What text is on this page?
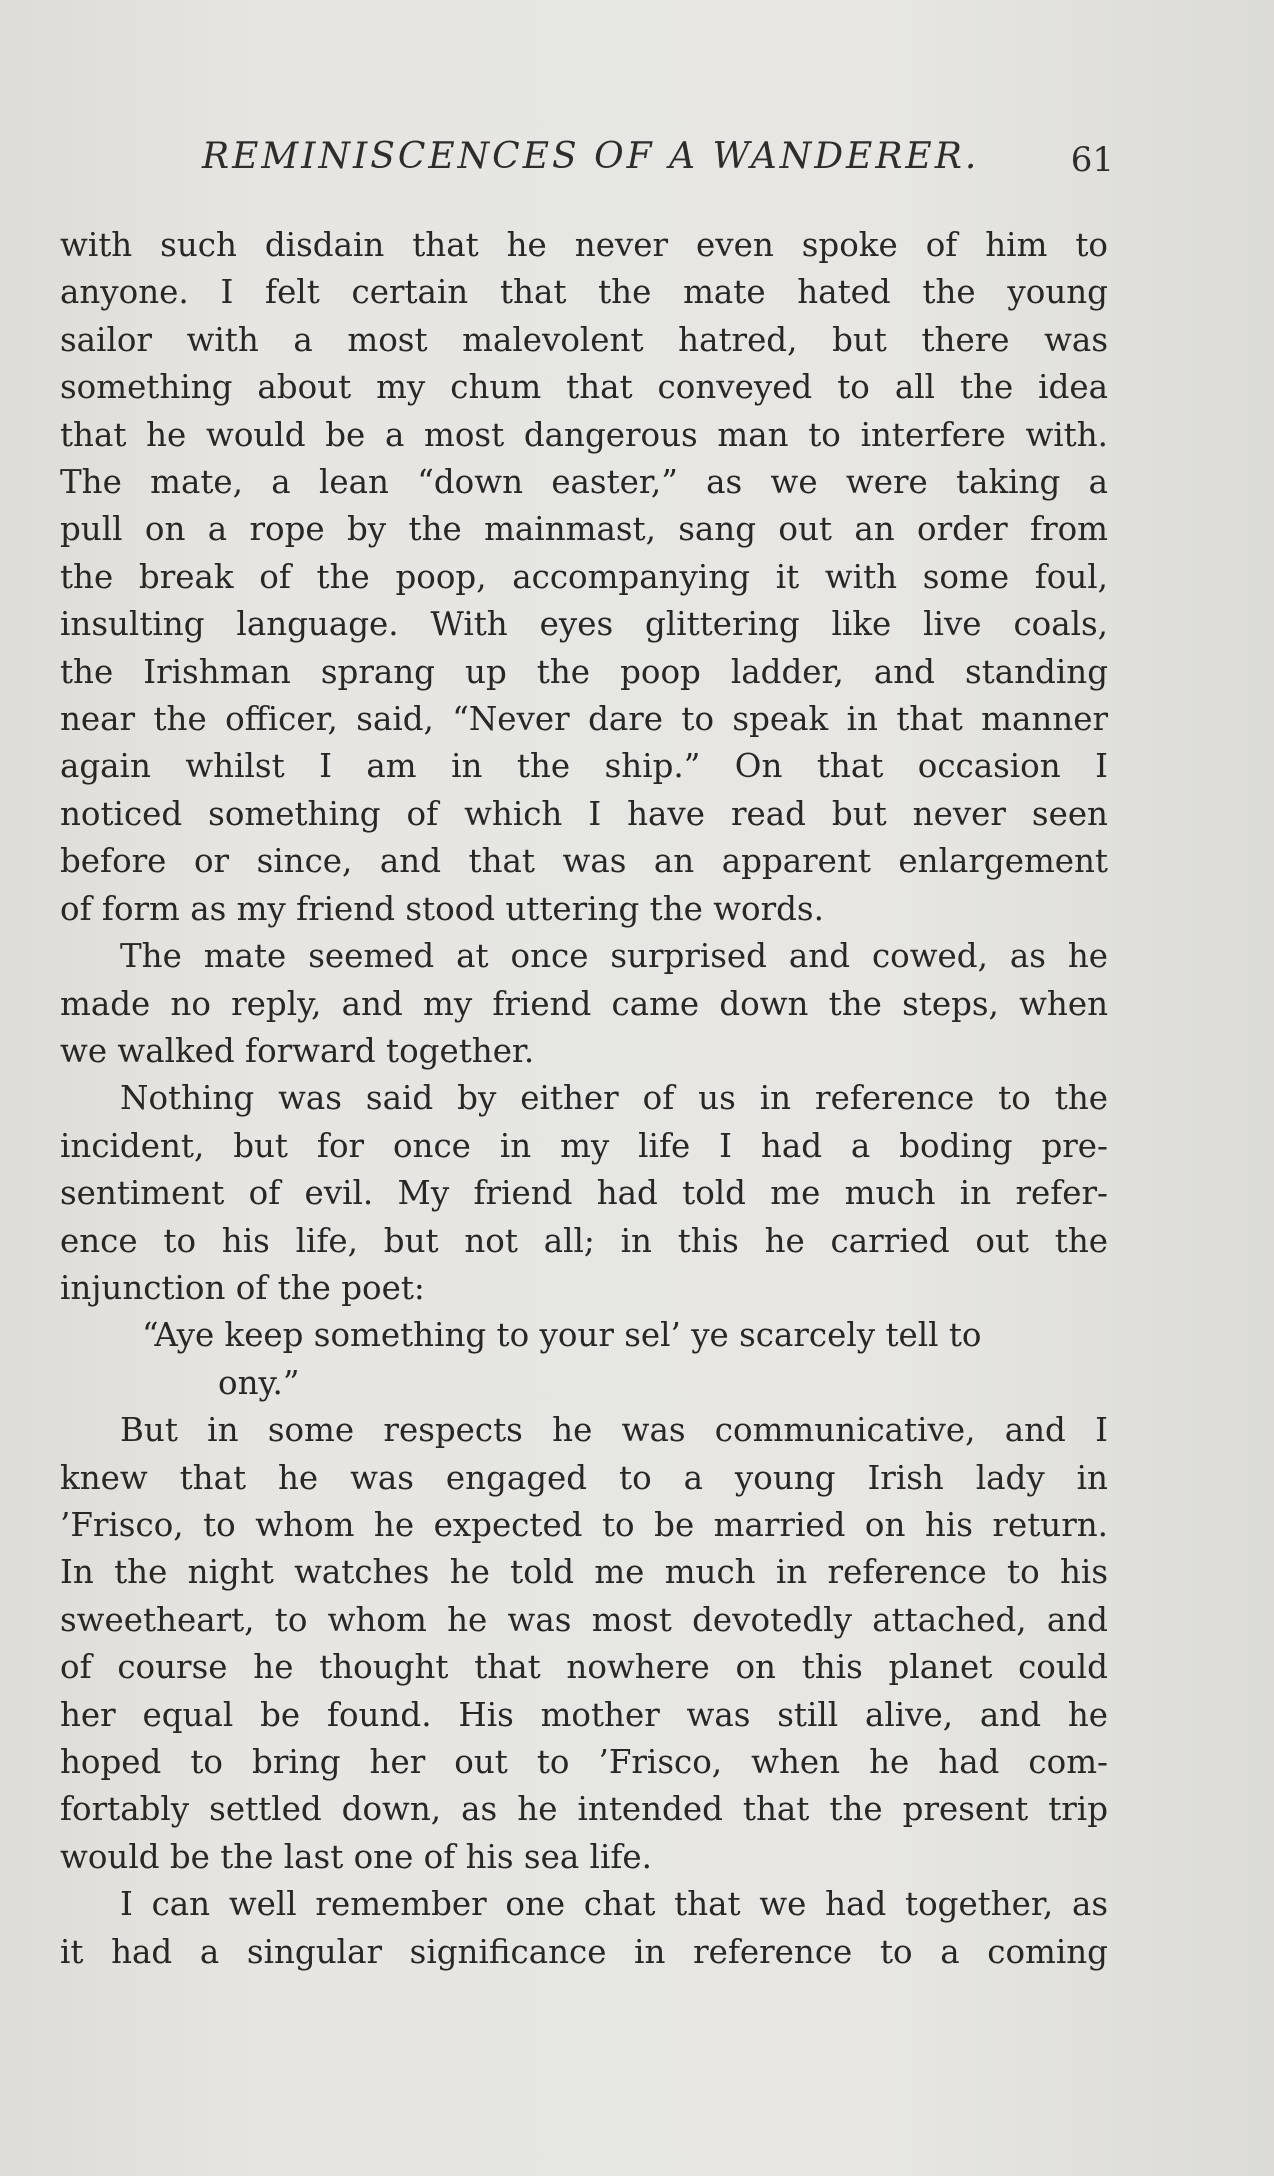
REMINISCENCES OF A WANDERER.	61
with such disdain that he never even spoke of him to
anyone. I felt certain that the mate hated the young
sailor with a most malevolent hatred, but there was
something about my chum that conveyed to all the idea
that he would be a most dangerous man to interfere with.
The mate, a lean “down easter,” as we were taking a
pull on a rope by the mainmast, sang out an order from
the break of the poop, accompanying it with some foul,
insulting language. With eyes glittering like live coals,
the Irishman sprang up the poop ladder, and standing
near the officer, said, “Never dare to speak in that manner
again whilst I am in the ship.” On that occasion I
noticed something of which I have read but never seen
before or since, and that was an apparent enlargement
of form as my friend stood uttering the words.
The mate seemed at once surprised and cowed, as he
made no reply, and my friend came down the steps, when
we walked forward together.
Nothing was said by either of us in reference to the
incident, but for once in my life I had a boding pre-
sentiment of evil. My friend had told me much in refer-
ence to his life, but not all; in this he carried out the
injunction of the poet:
“Aye keep something to your sel’ ye scarcely tell to
ony.”
But in some respects he was communicative, and I
knew that he was engaged to a young Irish lady in
’Frisco, to whom he expected to be married on his return.
In the night watches he told me much in reference to his
sweetheart, to whom he was most devotedly attached, and
of course he thought that nowhere on this planet could
her equal be found. His mother was still alive, and he
hoped to bring her out to ’Frisco, when he had com-
fortably settled down, as he intended that the present trip
would be the last one of his sea life.
I can well remember one chat that we had together, as
it had a singular significance in reference to a coming
